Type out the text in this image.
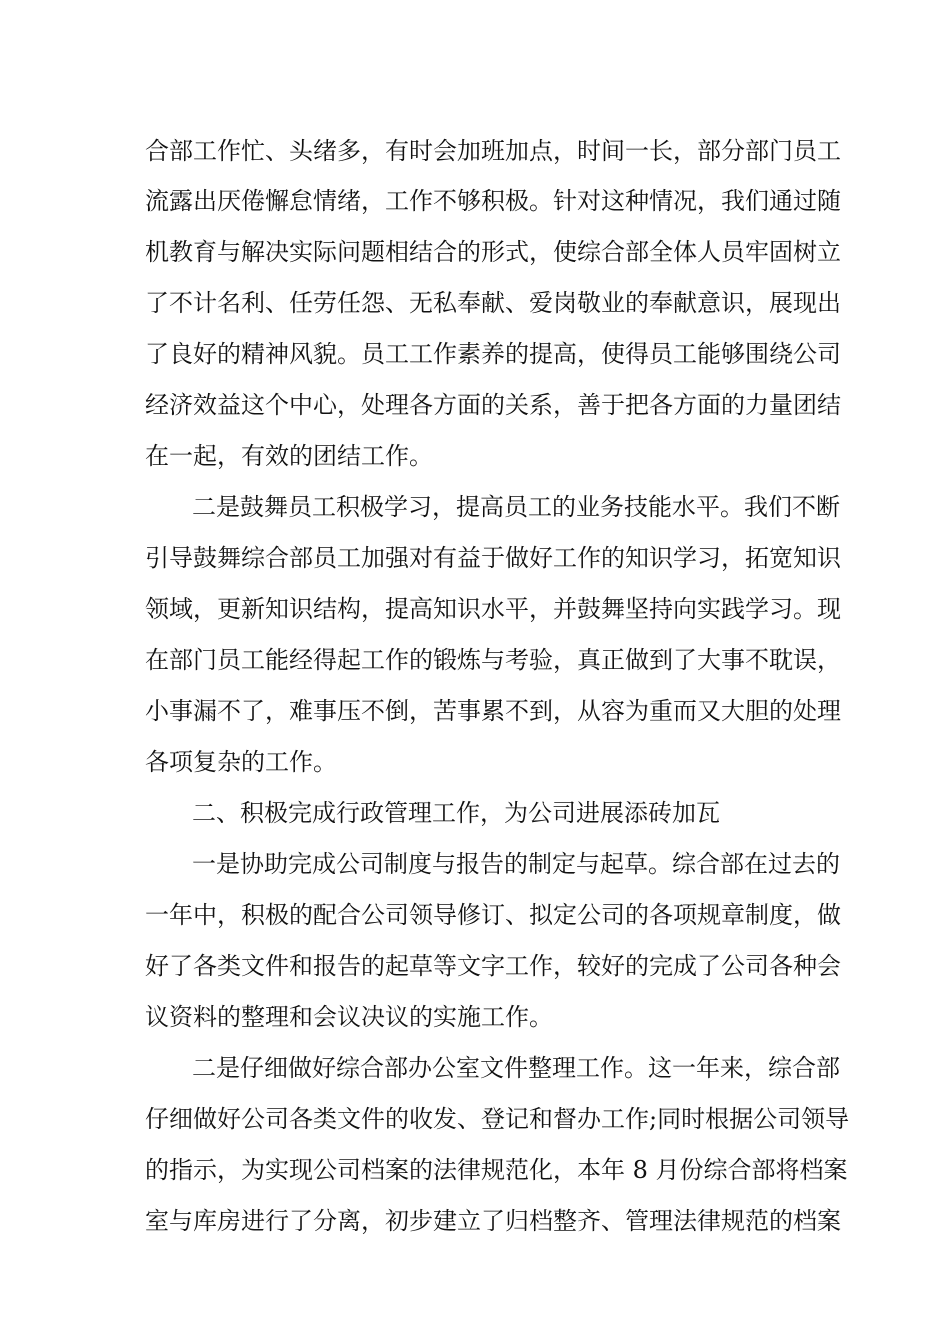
合部工作忙、头绪多，有时会加班加点，时间一长，部分部门员工
流露出厌倦懈怠情绪，工作不够积极。针对这种情况，我们通过随
机教育与解决实际问题相结合的形式，使综合部全体人员牢固树立
了不计名利、任劳任怨、无私奉献、爱岗敬业的奉献意识，展现出
了良好的精神风貌。员工工作素养的提高，使得员工能够围绕公司
经济效益这个中心，处理各方面的关系，善于把各方面的力量团结
在一起，有效的团结工作。
二是鼓舞员工积极学习，提高员工的业务技能水平。我们不断
引导鼓舞综合部员工加强对有益于做好工作的知识学习，拓宽知识
领域，更新知识结构，提高知识水平，并鼓舞坚持向实践学习。现
在部门员工能经得起工作的锻炼与考验，真正做到了大事不耽误，
小事漏不了，难事压不倒，苦事累不到，从容为重而又大胆的处理
各项复杂的工作。
二、积极完成行政管理工作，为公司进展添砖加瓦
一是协助完成公司制度与报告的制定与起草。综合部在过去的
一年中，积极的配合公司领导修订、拟定公司的各项规章制度，做
好了各类文件和报告的起草等文字工作，较好的完成了公司各种会
议资料的整理和会议决议的实施工作。
二是仔细做好综合部办公室文件整理工作。这一年来，综合部
仔细做好公司各类文件的收发、登记和督办工作;同时根据公司领导
的指示，为实现公司档案的法律规范化，本年 8 月份综合部将档案
室与库房进行了分离，初步建立了归档整齐、管理法律规范的档案
